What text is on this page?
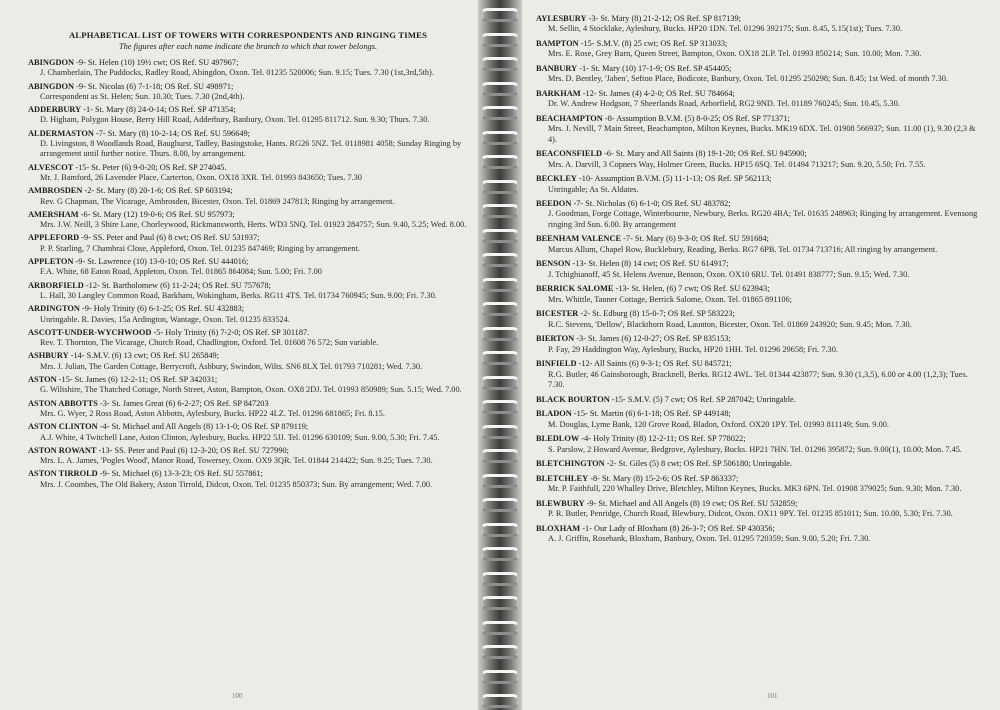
ALPHABETICAL LIST OF TOWERS WITH CORRESPONDENTS AND RINGING TIMES
The figures after each name indicate the branch to which that tower belongs.
ABINGDON -9- St. Helen (10) 19½ cwt; OS Ref. SU 497967;
J. Chamberlain, The Paddocks, Radley Road, Abingdon, Oxon. Tel. 01235 520006; Sun. 9.15; Tues. 7.30 (1st,3rd,5th).
ABINGDON -9- St. Nicolas (6) 7-1-18; OS Ref. SU 498971;
Correspondent as St. Helen; Sun. 10.30; Tues. 7.30 (2nd,4th).
ADDERBURY -1- St. Mary (8) 24-0-14; OS Ref. SP 471354;
D. Higham, Polygon House, Berry Hill Road, Adderbury, Banbury, Oxon. Tel. 01295 811712. Sun. 9.30; Thurs. 7.30.
ALDERMASTON -7- St. Mary (8) 10-2-14; OS Ref. SU 596649;
D. Livingston, 8 Woodlands Road, Baughurst, Tadley, Basingstoke, Hants. RG26 5NZ. Tel. 0118981 4058; Sunday Ringing by arrangement until further notice. Thurs. 8.00, by arrangement.
ALVESCOT -15- St. Peter (6) 9-0-20; OS Ref. SP 274045.
Mr. J. Bamford, 26 Lavender Place, Carterton, Oxon. OX18 3XR. Tel. 01993 843650; Tues. 7.30
AMBROSDEN -2- St. Mary (8) 20-1-6; OS Ref. SP 603194;
Rev. G Chapman, The Vicarage, Ambrosden, Bicester, Oxon. Tel. 01869 247813; Ringing by arrangement.
AMERSHAM -6- St. Mary (12) 19-0-6; OS Ref. SU 957973;
Mrs. J.W. Neill, 3 Shire Lane, Chorleywood, Rickmansworth, Herts. WD3 5NQ. Tel. 01923 284757; Sun. 9.40, 5.25; Wed. 8.00.
APPLEFORD -9- SS. Peter and Paul (6) 8 cwt; OS Ref. SU 531937;
P. P. Starling, 7 Chambrai Close, Appleford, Oxon. Tel. 01235 847469; Ringing by arrangement.
APPLETON -9- St. Lawrence (10) 13-0-10; OS Ref. SU 444016;
F.A. White, 68 Eaton Road, Appleton, Oxon. Tel. 01865 864084; Sun. 5.00; Fri. 7.00
ARBORFIELD -12- St. Bartholomew (6) 11-2-24; OS Ref. SU 757678;
L. Hall, 30 Langley Common Road, Barkham, Wokingham, Berks. RG11 4TS. Tel. 01734 760945; Sun. 9.00; Fri. 7.30.
ARDINGTON -9- Holy Trinity (6) 6-1-25; OS Ref. SU 432883;
Unringable. R. Davies, 15a Ardington, Wantage, Oxon. Tel. 01235 833524.
ASCOTT-UNDER-WYCHWOOD -5- Holy Trinity (6) 7-2-0; OS Ref. SP 301187.
Rev. T. Thornton, The Vicarage, Church Road, Chadlington, Oxford. Tel. 01608 76 572; Sun variable.
ASHBURY -14- S.M.V. (6) 13 cwt; OS Ref. SU 265849;
Mrs. J. Julian, The Garden Cottage, Berrycroft, Ashbury, Swindon, Wilts. SN6 8LX Tel. 01793 710281; Wed. 7.30.
ASTON -15- St. James (6) 12-2-11; OS Ref. SP 342031;
G. Wiltshire, The Thatched Cottage, North Street, Aston, Bampton, Oxon. OX8 2DJ. Tel. 01993 850989; Sun. 5.15; Wed. 7.00.
ASTON ABBOTTS -3- St. James Great (6) 6-2-27; OS Ref. SP 847203
Mrs. G. Wyer, 2 Ross Road, Aston Abbotts, Aylesbury, Bucks. HP22 4LZ. Tel. 01296 681865; Fri. 8.15.
ASTON CLINTON -4- St. Michael and All Angels (8) 13-1-0; OS Ref. SP 879119;
A.J. White, 4 Twitchell Lane, Aston Clinton, Aylesbury, Bucks. HP22 5JJ. Tel. 01296 630109; Sun. 9.00, 5.30; Fri. 7.45.
ASTON ROWANT -13- SS. Peter and Paul (6) 12-3-20; OS Ref. SU 727990;
Mrs. L. A. James, 'Pogles Wood', Manor Road, Towersey, Oxon. OX9 3QR. Tel. 01844 214422; Sun. 9.25; Tues. 7.30.
ASTON TIRROLD -9- St. Michael (6) 13-3-23; OS Ref. SU 557861;
Mrs. J. Coombes, The Old Bakery, Aston Tirrold, Didcot, Oxon. Tel. 01235 850373; Sun. By arrangement; Wed. 7.00.
100
AYLESBURY -3- St. Mary (8) 21-2-12; OS Ref. SP 817139;
M. Sellin, 4 Stocklake, Aylesbury, Bucks. HP20 1DN. Tel. 01296 392175; Sun. 8.45, 5.15(1st); Tues. 7.30.
BAMPTON -15- S.M.V. (8) 25 cwt; OS Ref. SP 313033;
Mrs. E. Rose, Grey Barn, Queen Street, Bampton, Oxon. OX18 2LP. Tel. 01993 850214; Sun. 10.00; Mon. 7.30.
BANBURY -1- St. Mary (10) 17-1-9; OS Ref. SP 454405;
Mrs. D. Bentley, 'Jaben', Sefton Place, Bodicote, Banbury, Oxon. Tel. 01295 250298; Sun. 8.45; 1st Wed. of month 7.30.
BARKHAM -12- St. James (4) 4-2-0; OS Ref. SU 784664;
Dr. W. Andrew Hodgson, 7 Sheerlands Road, Arborfield, RG2 9ND. Tel. 01189 760245; Sun. 10.45, 5.30.
BEACHAMPTON -8- Assumption B.V.M. (5) 8-0-25; OS Ref. SP 771371;
Mrs. J. Nevill, 7 Main Street, Beachampton, Milton Keynes, Bucks. MK19 6DX. Tel. 01908 566937; Sun. 11.00 (1), 9.30 (2,3 & 4).
BEACONSFIELD -6- St. Mary and All Saints (8) 19-1-20; OS Ref. SU 945900;
Mrs. A. Darvill, 3 Copners Way, Holmer Green, Bucks. HP15 6SQ. Tel. 01494 713217; Sun. 9.20, 5.50; Fri. 7.55.
BECKLEY -10- Assumption B.V.M. (5) 11-1-13; OS Ref. SP 562113;
Unringable; As St. Aldates.
BEEDON -7- St. Nicholas (6) 6-1-0; OS Ref. SU 483782;
J. Goodman, Forge Cottage, Winterbourne, Newbury, Berks. RG20 4BA; Tel. 01635 248963; Ringing by arrangement. Evensong ringing 3rd Sun. 6.00. By arrangement
BEENHAM VALENCE -7- St. Mary (6) 9-3-0; OS Ref. SU 591684;
Marcus Allum, Chapel Row, Bucklebury, Reading, Berks. RG7 6PB. Tel. 01734 713716; All ringing by arrangement.
BENSON -13- St. Helen (8) 14 cwt; OS Ref. SU 614917;
J. Tchighianoff, 45 St. Helens Avenue, Benson, Oxon. OX10 6RU. Tel. 01491 838777; Sun. 9.15; Wed. 7.30.
BERRICK SALOME -13- St. Helen, (6) 7 cwt; OS Ref. SU 623943;
Mrs. Whittle, Tanner Cottage, Berrick Salome, Oxon. Tel. 01865 891106;
BICESTER -2- St. Edburg (8) 15-0-7; OS Ref. SP 583223;
R.C. Stevens, 'Dellow', Blackthorn Road, Launton, Bicester, Oxon. Tel. 01869 243920; Sun. 9.45; Mon. 7.30.
BIERTON -3- St. James (6) 12-0-27; OS Ref. SP 835153;
P. Fay, 29 Haddington Way, Aylesbury, Bucks, HP20 1HH. Tel. 01296 29658; Fri. 7.30.
BINFIELD -12- All Saints (6) 9-3-1; OS Ref. SU 845721;
R.G. Butler, 46 Gainsborough, Bracknell, Berks. RG12 4WL. Tel. 01344 423877; Sun. 9.30 (1,3,5), 6.00 or 4.00 (1,2,3); Tues. 7.30.
BLACK BOURTON -15- S.M.V. (5) 7 cwt; OS Ref. SP 287042; Unringable.
BLADON -15- St. Martin (6) 6-1-18; OS Ref. SP 449148;
M. Douglas, Lyme Bank, 120 Grove Road, Bladon, Oxford. OX20 1PY. Tel. 01993 811149; Sun. 9.00.
BLEDLOW -4- Holy Trinity (8) 12-2-11; OS Ref. SP 778022;
S. Parslow, 2 Howard Avenue, Bedgrove, Aylesbury, Bucks. HP21 7HN. Tel. 01296 395872; Sun. 9.00(1), 10.00; Mon. 7.45.
BLETCHINGTON -2- St. Giles (5) 8 cwt; OS Ref. SP 506180; Unringable.
BLETCHLEY -8- St. Mary (8) 15-2-6; OS Ref. SP 863337;
Mr. P. Faithfull, 220 Whalley Drive, Bletchley, Milton Keynes, Bucks. MK3 6PN. Tel. 01908 379025; Sun. 9.30; Mon. 7.30.
BLEWBURY -9- St. Michael and All Angels (8) 19 cwt; OS Ref. SU 532859;
P. R. Butler, Penridge, Church Road, Blewbury, Didcot, Oxon. OX11 9PY. Tel. 01235 851011; Sun. 10.00, 5.30; Fri. 7.30.
BLOXHAM -1- Our Lady of Bloxham (8) 26-3-7; OS Ref. SP 430356;
A. J. Griffin, Rosebank, Bloxham, Banbury, Oxon. Tel. 01295 720359; Sun. 9.00, 5.20; Fri. 7.30.
101
